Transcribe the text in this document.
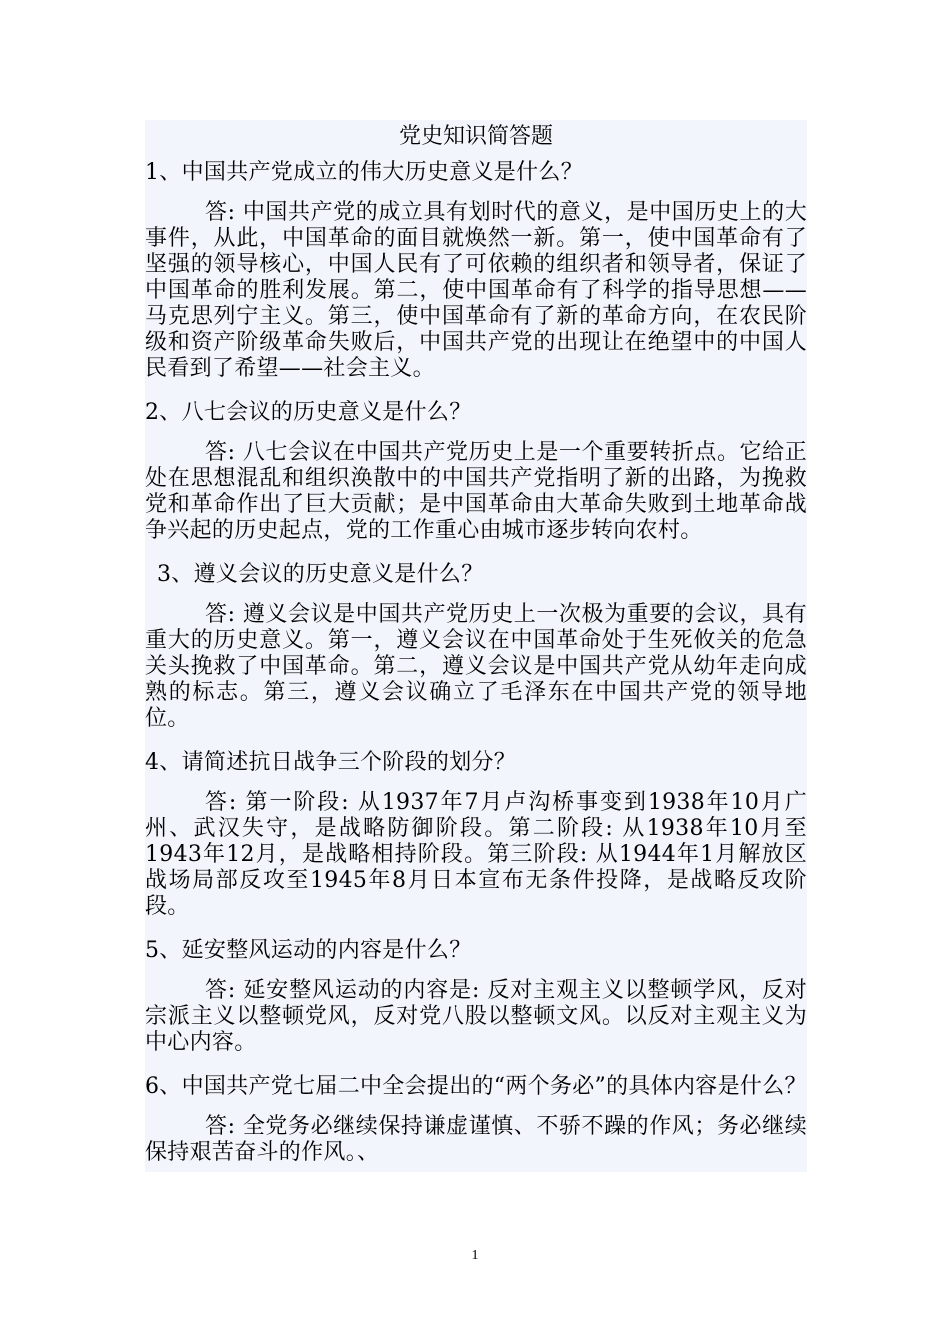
党史知识简答题
1、中国共产党成立的伟大历史意义是什么？
答: 中国共产党的成立具有划时代的意义，是中国历史上的大事件，从此，中国革命的面目就焕然一新。第一，使中国革命有了坚强的领导核心，中国人民有了可依赖的组织者和领导者，保证了中国革命的胜利发展。第二，使中国革命有了科学的指导思想——马克思列宁主义。第三，使中国革命有了新的革命方向，在农民阶级和资产阶级革命失败后，中国共产党的出现让在绝望中的中国人民看到了希望——社会主义。
2、八七会议的历史意义是什么？
答: 八七会议在中国共产党历史上是一个重要转折点。它给正处在思想混乱和组织涣散中的中国共产党指明了新的出路，为挽救党和革命作出了巨大贡献；是中国革命由大革命失败到土地革命战争兴起的历史起点，党的工作重心由城市逐步转向农村。
3、遵义会议的历史意义是什么？
答: 遵义会议是中国共产党历史上一次极为重要的会议，具有重大的历史意义。第一，遵义会议在中国革命处于生死攸关的危急关头挽救了中国革命。第二，遵义会议是中国共产党从幼年走向成熟的标志。第三，遵义会议确立了毛泽东在中国共产党的领导地位。
4、请简述抗日战争三个阶段的划分？
答: 第一阶段: 从1937年7月卢沟桥事变到1938年10月广州、武汉失守，是战略防御阶段。第二阶段: 从1938年10月至1943年12月，是战略相持阶段。第三阶段: 从1944年1月解放区战场局部反攻至1945年8月日本宣布无条件投降，是战略反攻阶段。
5、延安整风运动的内容是什么？
答: 延安整风运动的内容是: 反对主观主义以整顿学风，反对宗派主义以整顿党风，反对党八股以整顿文风。以反对主观主义为中心内容。
6、中国共产党七届二中全会提出的“两个务必”的具体内容是什么？
答: 全党务必继续保持谦虚谨慎、不骄不躁的作风；务必继续保持艰苦奋斗的作风。、
1
